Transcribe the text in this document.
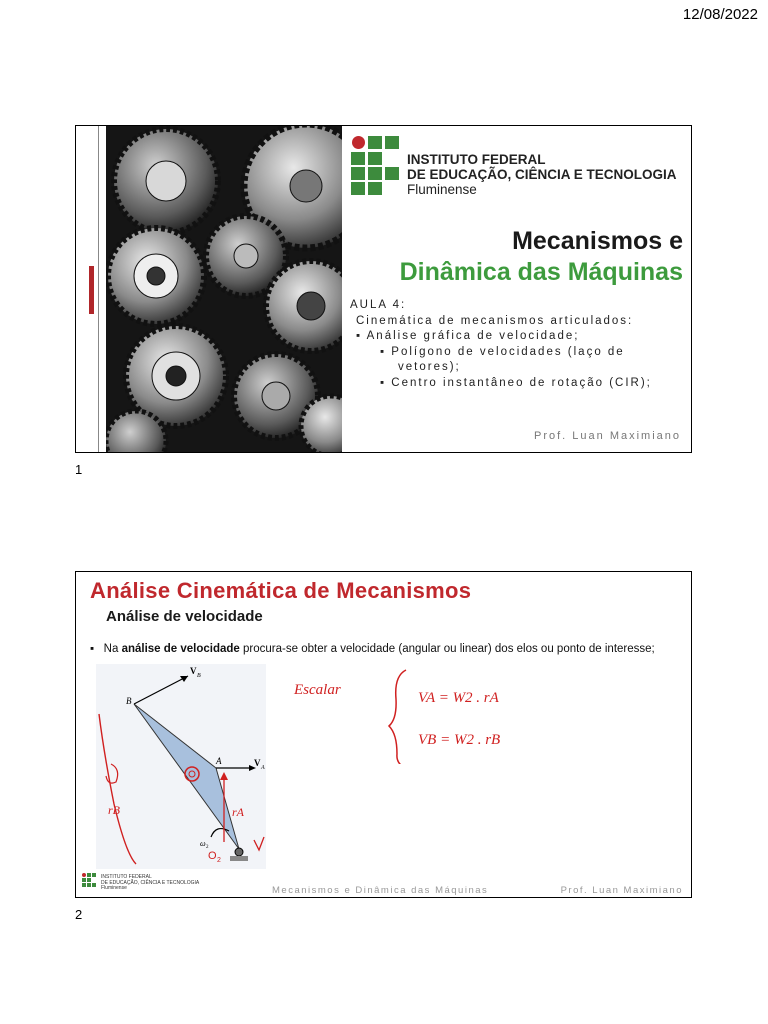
12/08/2022
INSTITUTO FEDERAL
DE EDUCAÇÃO, CIÊNCIA E TECNOLOGIA
Fluminense
Mecanismos e
Dinâmica das Máquinas
AULA 4:
Cinemática de mecanismos articulados:
▪ Análise gráfica de velocidade;
▪ Polígono de velocidades (laço de
vetores);
▪ Centro instantâneo de rotação (CIR);
Prof. Luan Maximiano
1
Análise Cinemática de Mecanismos
Análise de velocidade
▪   Na análise de velocidade procura-se obter a velocidade (angular ou linear) dos elos ou ponto de interesse;
V B
V A
B
A
ω 2
O 2
rB	rA
Escalar	VA = W2 . rA
VB = W2 . rB
INSTITUTO FEDERAL
DE EDUCAÇÃO, CIÊNCIA E TECNOLOGIA
Fluminense	Mecanismos e Dinâmica das Máquinas	Prof. Luan Maximiano
2
